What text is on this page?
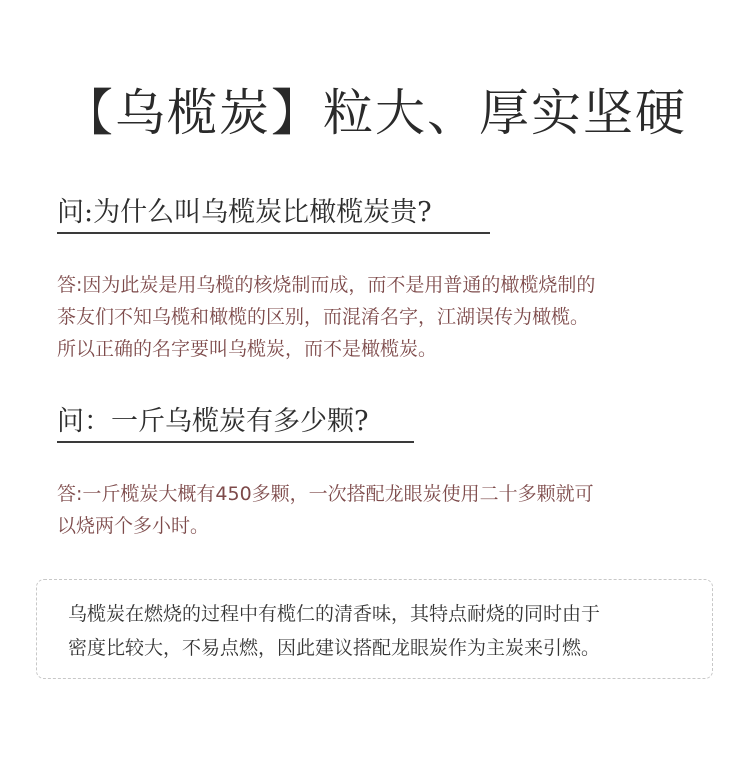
【乌榄炭】粒大、厚实坚硬
问:为什么叫乌榄炭比橄榄炭贵?
答:因为此炭是用乌榄的核烧制而成，而不是用普通的橄榄烧制的
茶友们不知乌榄和橄榄的区别，而混淆名字，江湖误传为橄榄。
所以正确的名字要叫乌榄炭，而不是橄榄炭。
问：一斤乌榄炭有多少颗?
答:一斤榄炭大概有450多颗，一次搭配龙眼炭使用二十多颗就可
以烧两个多小时。
乌榄炭在燃烧的过程中有榄仁的清香味，其特点耐烧的同时由于
密度比较大，不易点燃，因此建议搭配龙眼炭作为主炭来引燃。
